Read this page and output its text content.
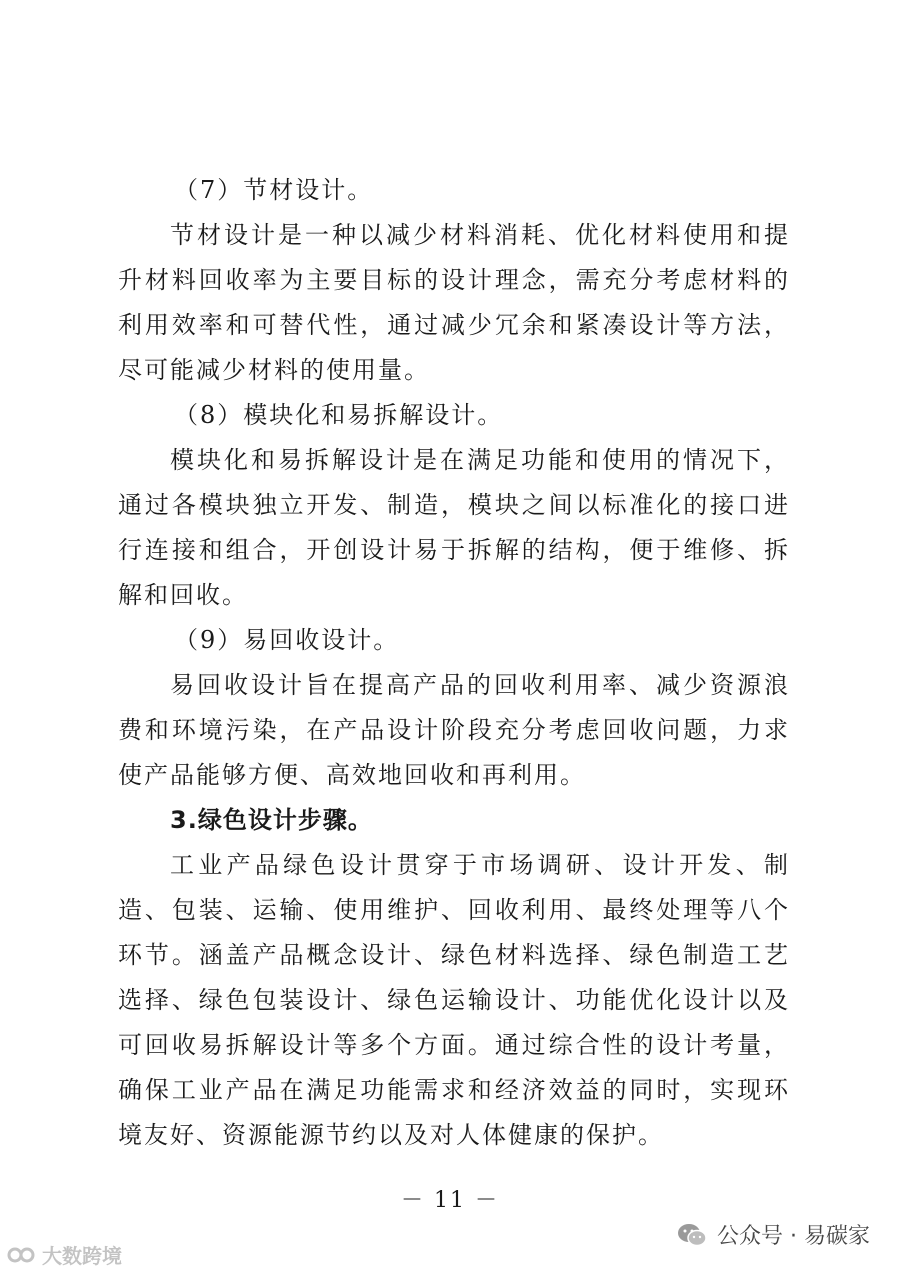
（7）节材设计。

节材设计是一种以减少材料消耗、优化材料使用和提升材料回收率为主要目标的设计理念，需充分考虑材料的利用效率和可替代性，通过减少冗余和紧凑设计等方法，尽可能减少材料的使用量。

（8）模块化和易拆解设计。

模块化和易拆解设计是在满足功能和使用的情况下，通过各模块独立开发、制造，模块之间以标准化的接口进行连接和组合，开创设计易于拆解的结构，便于维修、拆解和回收。

（9）易回收设计。

易回收设计旨在提高产品的回收利用率、减少资源浪费和环境污染，在产品设计阶段充分考虑回收问题，力求使产品能够方便、高效地回收和再利用。

3.绿色设计步骤。

工业产品绿色设计贯穿于市场调研、设计开发、制造、包装、运输、使用维护、回收利用、最终处理等八个环节。涵盖产品概念设计、绿色材料选择、绿色制造工艺选择、绿色包装设计、绿色运输设计、功能优化设计以及可回收易拆解设计等多个方面。通过综合性的设计考量，确保工业产品在满足功能需求和经济效益的同时，实现环境友好、资源能源节约以及对人体健康的保护。

－ 11 －
大数跨境
公众号 · 易碳家
